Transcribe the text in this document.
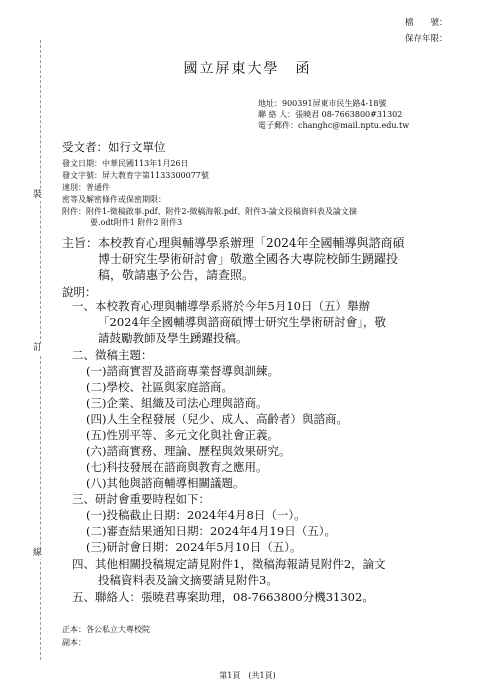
檔　　號：
保存年限：
國立屏東大學　函
地址：900391屏東市民生路4-18號
聯 絡 人：張曉君 08-7663800#31302
電子郵件：changhc@mail.nptu.edu.tw
受文者：如行文單位
發文日期：中華民國113年1月26日
發文字號：屏大教育字第1133300077號
速別：普通件
密等及解密條件或保密期限：
附件：附件1-徵稿啟事.pdf、附件2-徵稿海報.pdf、附件3-論文投稿資料表及論文摘
要.odt附件1 附件2 附件3
裝
訂
線
主旨：本校教育心理與輔導學系辦理「2024年全國輔導與諮商碩
博士研究生學術研討會」敬邀全國各大專院校師生踴躍投
稿，敬請惠予公告，請查照。
說明：
一、本校教育心理與輔導學系將於今年5月10日（五）舉辦
「2024年全國輔導與諮商碩博士研究生學術研討會」，敬
請鼓勵教師及學生踴躍投稿。
二、徵稿主題：
(一)諮商實習及諮商專業督導與訓練。
(二)學校、社區與家庭諮商。
(三)企業、組織及司法心理與諮商。
(四)人生全程發展（兒少、成人、高齡者）與諮商。
(五)性別平等、多元文化與社會正義。
(六)諮商實務、理論、歷程與效果研究。
(七)科技發展在諮商與教育之應用。
(八)其他與諮商輔導相關議題。
三、研討會重要時程如下：
(一)投稿截止日期：2024年4月8日（一）。
(二)審查結果通知日期：2024年4月19日（五）。
(三)研討會日期：2024年5月10日（五）。
四、其他相關投稿規定請見附件1，徵稿海報請見附件2，論文
投稿資料表及論文摘要請見附件3。
五、聯絡人：張曉君專案助理，08-7663800分機31302。
正本：各公私立大專校院
副本：
第1頁　(共1頁)
